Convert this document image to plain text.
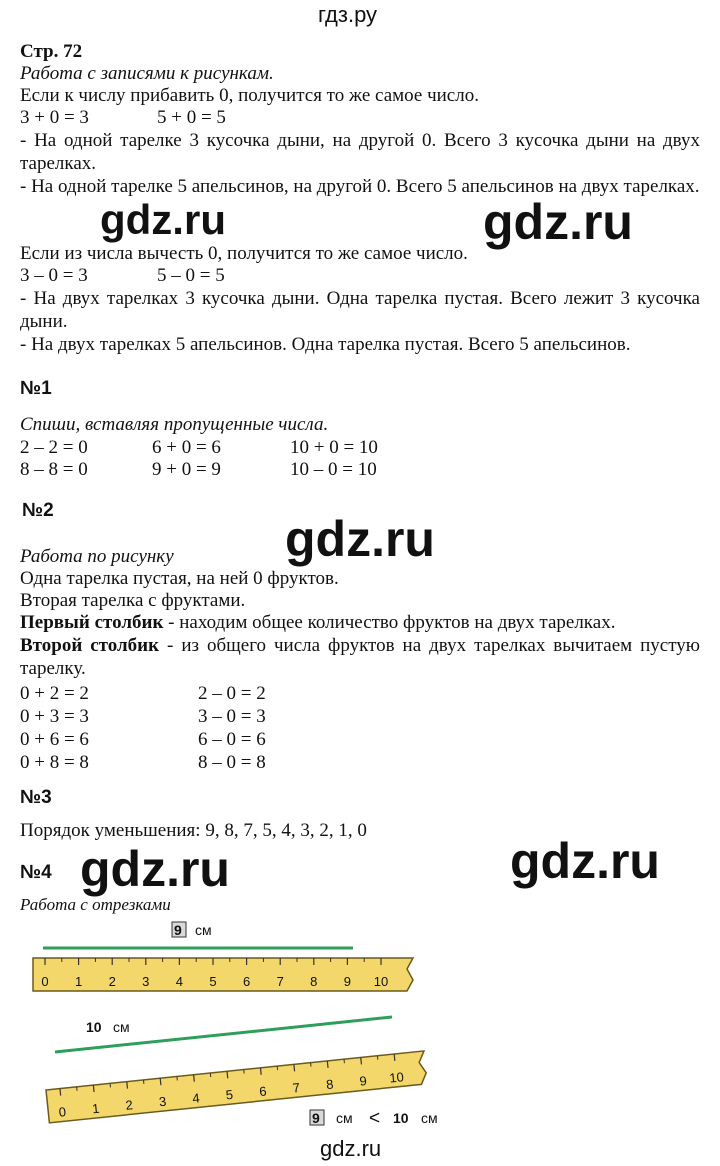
гдз.ру
Стр. 72
Работа с записями к рисункам.
Если к числу прибавить 0, получится то же самое число.
3 + 0 = 3	5 + 0 = 5
- На одной тарелке 3 кусочка дыни, на другой 0. Всего 3 кусочка дыни на двух тарелках.
- На одной тарелке 5 апельсинов, на другой 0. Всего 5 апельсинов на двух тарелках.
Если из числа вычесть 0, получится то же самое число.
3 – 0 = 3	5 – 0 = 5
- На двух тарелках 3 кусочка дыни. Одна тарелка пустая. Всего лежит 3 кусочка дыни.
- На двух тарелках 5 апельсинов. Одна тарелка пустая. Всего 5 апельсинов.
№1
Спиши, вставляя пропущенные числа.
2 – 2 = 0	6 + 0 = 6	10 + 0 = 10
8 – 8 = 0	9 + 0 = 9	10 – 0 = 10
№2
Работа по рисунку
Одна тарелка пустая, на ней 0 фруктов.
Вторая тарелка с фруктами.
Первый столбик - находим общее количество фруктов на двух тарелках.
Второй столбик - из общего числа фруктов на двух тарелках вычитаем пустую тарелку.
0 + 2 = 2	2 – 0 = 2
0 + 3 = 3	3 – 0 = 3
0 + 6 = 6	6 – 0 = 6
0 + 8 = 8	8 – 0 = 8
№3
Порядок уменьшения: 9, 8, 7, 5, 4, 3, 2, 1, 0
№4
Работа с отрезками
9 см
0 1 2 3 4 5 6 7 8 9 10
10 см
0 1 2 3 4 5 6 7 8 9 10
9 см < 10 см
gdz.ru	gdz.ru
gdz.ru
gdz.ru	gdz.ru
gdz.ru
